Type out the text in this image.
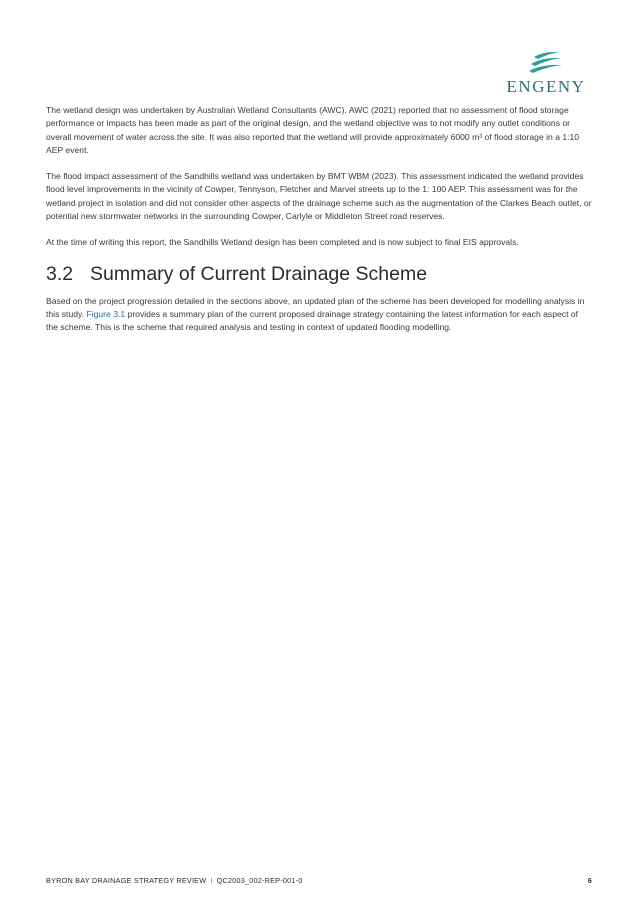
ENGENY

The wetland design was undertaken by Australian Wetland Consultants (AWC). AWC (2021) reported that no assessment of flood storage performance or impacts has been made as part of the original design, and the wetland objective was to not modify any outlet conditions or overall movement of water across the site. It was also reported that the wetland will provide approximately 6000 m³ of flood storage in a 1:10 AEP event.

The flood impact assessment of the Sandhills wetland was undertaken by BMT WBM (2023). This assessment indicated the wetland provides flood level improvements in the vicinity of Cowper, Tennyson, Fletcher and Marvel streets up to the 1: 100 AEP. This assessment was for the wetland project in isolation and did not consider other aspects of the drainage scheme such as the augmentation of the Clarkes Beach outlet, or potential new stormwater networks in the surrounding Cowper, Carlyle or Middleton Street road reserves.

At the time of writing this report, the Sandhills Wetland design has been completed and is now subject to final EIS approvals.

3.2 Summary of Current Drainage Scheme

Based on the project progression detailed in the sections above, an updated plan of the scheme has been developed for modelling analysis in this study. Figure 3.1 provides a summary plan of the current proposed drainage strategy containing the latest information for each aspect of the scheme. This is the scheme that required analysis and testing in context of updated flooding modelling.

BYRON BAY DRAINAGE STRATEGY REVIEW I QC2003_002-REP-001-0	6
